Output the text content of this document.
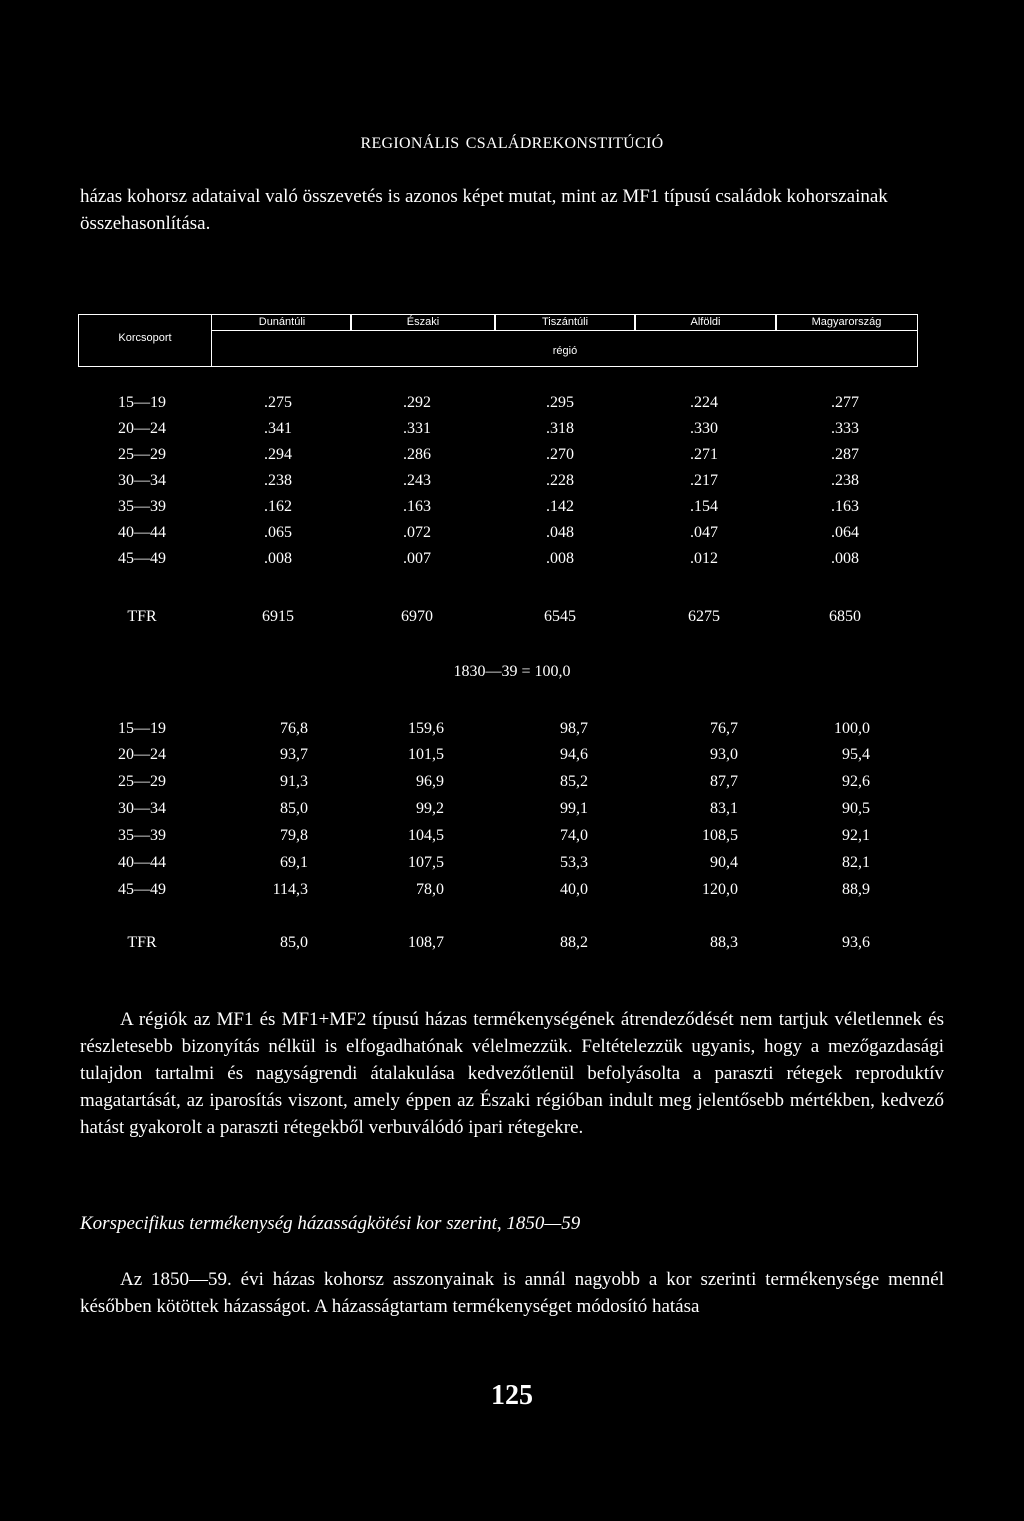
REGIONÁLIS CSALÁDREKONSTITÚCIÓ
házas kohorsz adataival való összevetés is azonos képet mutat, mint az MF1 típusú családok kohorszainak összehasonlítása.
Korcsoport
Dunántúli	Északi	Tiszántúli	Alföldi	Magyarország
régió
15—19	.275	.292	.295	.224	.277
20—24	.341	.331	.318	.330	.333
25—29	.294	.286	.270	.271	.287
30—34	.238	.243	.228	.217	.238
35—39	.162	.163	.142	.154	.163
40—44	.065	.072	.048	.047	.064
45—49	.008	.007	.008	.012	.008
TFR	6915	6970	6545	6275	6850
1830—39 = 100,0
15—19	76,8	159,6	98,7	76,7	100,0
20—24	93,7	101,5	94,6	93,0	95,4
25—29	91,3	96,9	85,2	87,7	92,6
30—34	85,0	99,2	99,1	83,1	90,5
35—39	79,8	104,5	74,0	108,5	92,1
40—44	69,1	107,5	53,3	90,4	82,1
45—49	114,3	78,0	40,0	120,0	88,9
TFR	85,0	108,7	88,2	88,3	93,6
A régiók az MF1 és MF1+MF2 típusú házas termékenységének átrendeződését nem tartjuk véletlennek és részletesebb bizonyítás nélkül is elfogadhatónak vélelmezzük. Feltételezzük ugyanis, hogy a mezőgazdasági tulajdon tartalmi és nagyságrendi átalakulása kedvezőtlenül befolyásolta a paraszti rétegek reproduktív magatartását, az iparosítás viszont, amely éppen az Északi régióban indult meg jelentősebb mértékben, kedvező hatást gyakorolt a paraszti rétegekből verbuválódó ipari rétegekre.
Korspecifikus termékenység házasságkötési kor szerint, 1850—59
Az 1850—59. évi házas kohorsz asszonyainak is annál nagyobb a kor szerinti termékenysége mennél későbben kötöttek házasságot. A házasságtartam termékenységet módosító hatása
125
